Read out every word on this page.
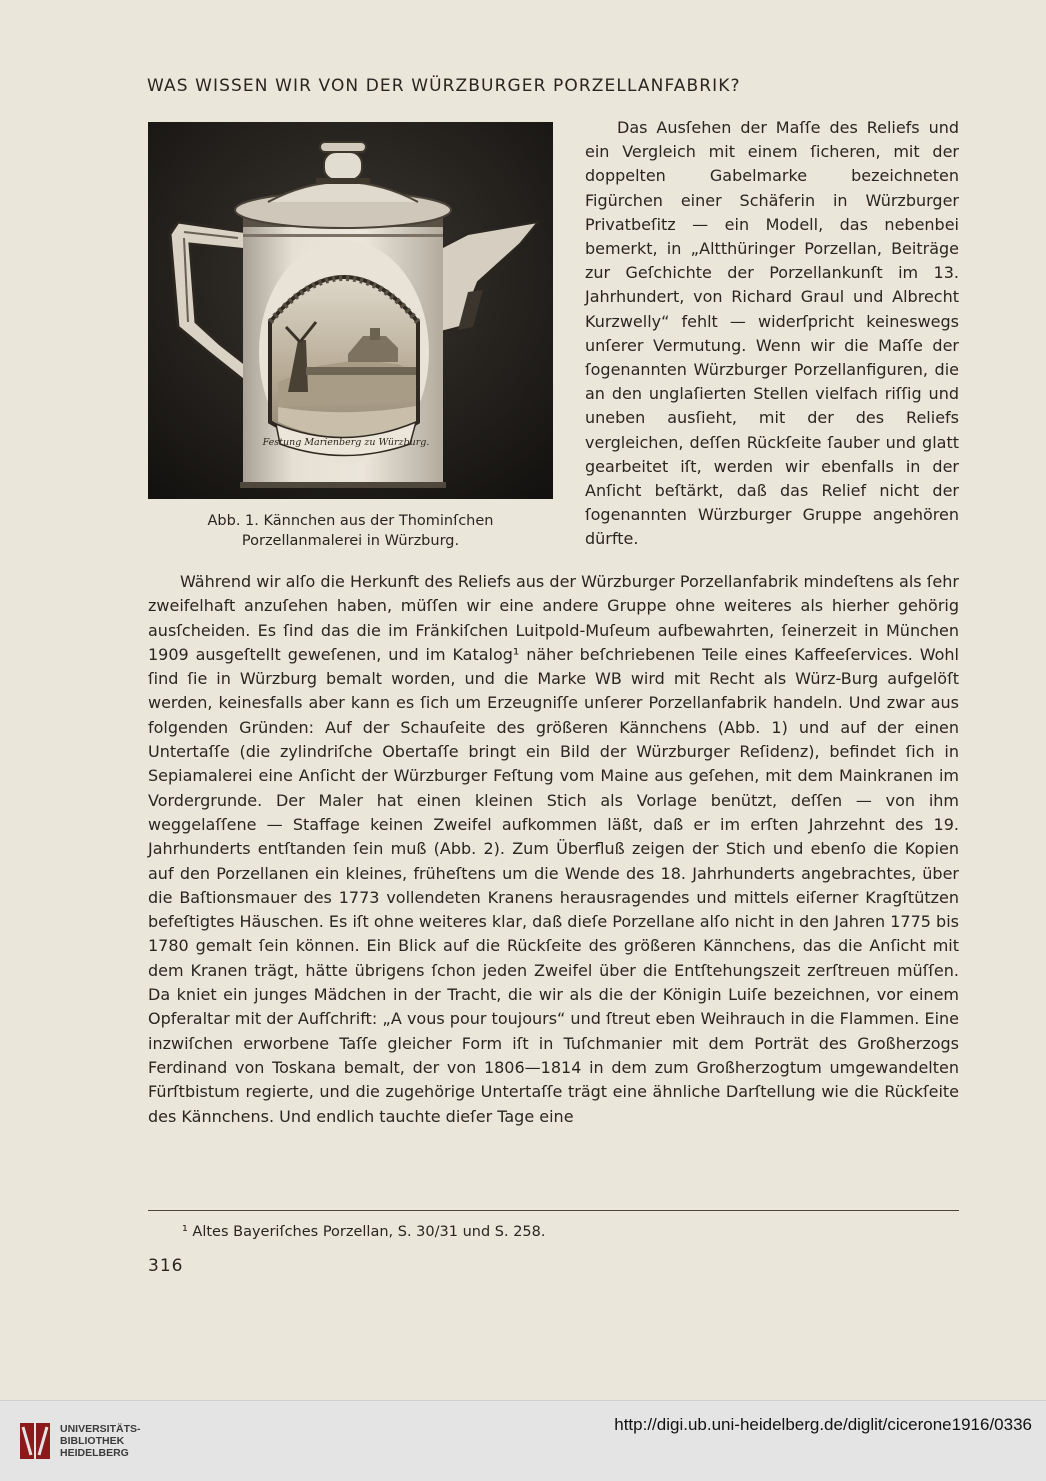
WAS WISSEN WIR VON DER WÜRZBURGER PORZELLANFABRIK?
Festung Marienberg zu Würzburg.
Abb. 1. Kännchen aus der Thominſchen
Porzellanmalerei in Würzburg.

Das Ausſehen der Maſſe des Reliefs und ein Vergleich mit einem ſicheren, mit der doppelten Gabelmarke bezeichneten Figürchen einer Schäferin in Würzburger Privatbeſitz — ein Modell, das nebenbei bemerkt, in „Altthüringer Porzellan, Beiträge zur Geſchichte der Porzellankunſt im 13. Jahrhundert, von Richard Graul und Albrecht Kurzwelly“ fehlt — widerſpricht keineswegs unſerer Vermutung. Wenn wir die Maſſe der ſogenannten Würzburger Porzellanfiguren, die an den unglaſierten Stellen vielfach riſſig und uneben ausſieht, mit der des Reliefs vergleichen, deſſen Rückſeite ſauber und glatt gearbeitet iſt, werden wir ebenfalls in der Anſicht beſtärkt, daß das Relief nicht der ſogenannten Würzburger Gruppe angehören dürfte.

Während wir alſo die Herkunft des Reliefs aus der Würzburger Porzellanfabrik mindeſtens als ſehr zweifelhaft anzuſehen haben, müſſen wir eine andere Gruppe ohne weiteres als hierher gehörig ausſcheiden. Es ſind das die im Fränkiſchen Luitpold-Muſeum aufbewahrten, ſeinerzeit in München 1909 ausgeſtellt geweſenen, und im Katalog¹ näher beſchriebenen Teile eines Kaffeeſervices. Wohl ſind ſie in Würzburg bemalt worden, und die Marke WB wird mit Recht als Würz-Burg aufgelöſt werden, keinesfalls aber kann es ſich um Erzeugniſſe unſerer Porzellanfabrik handeln. Und zwar aus folgenden Gründen: Auf der Schauſeite des größeren Kännchens (Abb. 1) und auf der einen Untertaſſe (die zylindriſche Obertaſſe bringt ein Bild der Würzburger Reſidenz), befindet ſich in Sepiamalerei eine Anſicht der Würzburger Feſtung vom Maine aus geſehen, mit dem Mainkranen im Vordergrunde. Der Maler hat einen kleinen Stich als Vorlage benützt, deſſen — von ihm weggelaſſene — Staffage keinen Zweifel aufkommen läßt, daß er im erſten Jahrzehnt des 19. Jahrhunderts entſtanden ſein muß (Abb. 2). Zum Überfluß zeigen der Stich und ebenſo die Kopien auf den Porzellanen ein kleines, früheſtens um die Wende des 18. Jahrhunderts angebrachtes, über die Baſtionsmauer des 1773 vollendeten Kranens herausragendes und mittels eiſerner Kragſtützen befeſtigtes Häuschen. Es iſt ohne weiteres klar, daß dieſe Porzellane alſo nicht in den Jahren 1775 bis 1780 gemalt ſein können. Ein Blick auf die Rückſeite des größeren Kännchens, das die Anſicht mit dem Kranen trägt, hätte übrigens ſchon jeden Zweifel über die Entſtehungszeit zerſtreuen müſſen. Da kniet ein junges Mädchen in der Tracht, die wir als die der Königin Luiſe bezeichnen, vor einem Opferaltar mit der Aufſchrift: „A vous pour toujours“ und ſtreut eben Weihrauch in die Flammen. Eine inzwiſchen erworbene Taſſe gleicher Form iſt in Tuſchmanier mit dem Porträt des Großherzogs Ferdinand von Toskana bemalt, der von 1806—1814 in dem zum Großherzogtum umgewandelten Fürſtbistum regierte, und die zugehörige Untertaſſe trägt eine ähnliche Darſtellung wie die Rückſeite des Kännchens. Und endlich tauchte dieſer Tage eine

¹ Altes Bayeriſches Porzellan, S. 30/31 und S. 258.
316
UNIVERSITÄTS-
BIBLIOTHEK
HEIDELBERG
http://digi.ub.uni-heidelberg.de/diglit/cicerone1916/0336
